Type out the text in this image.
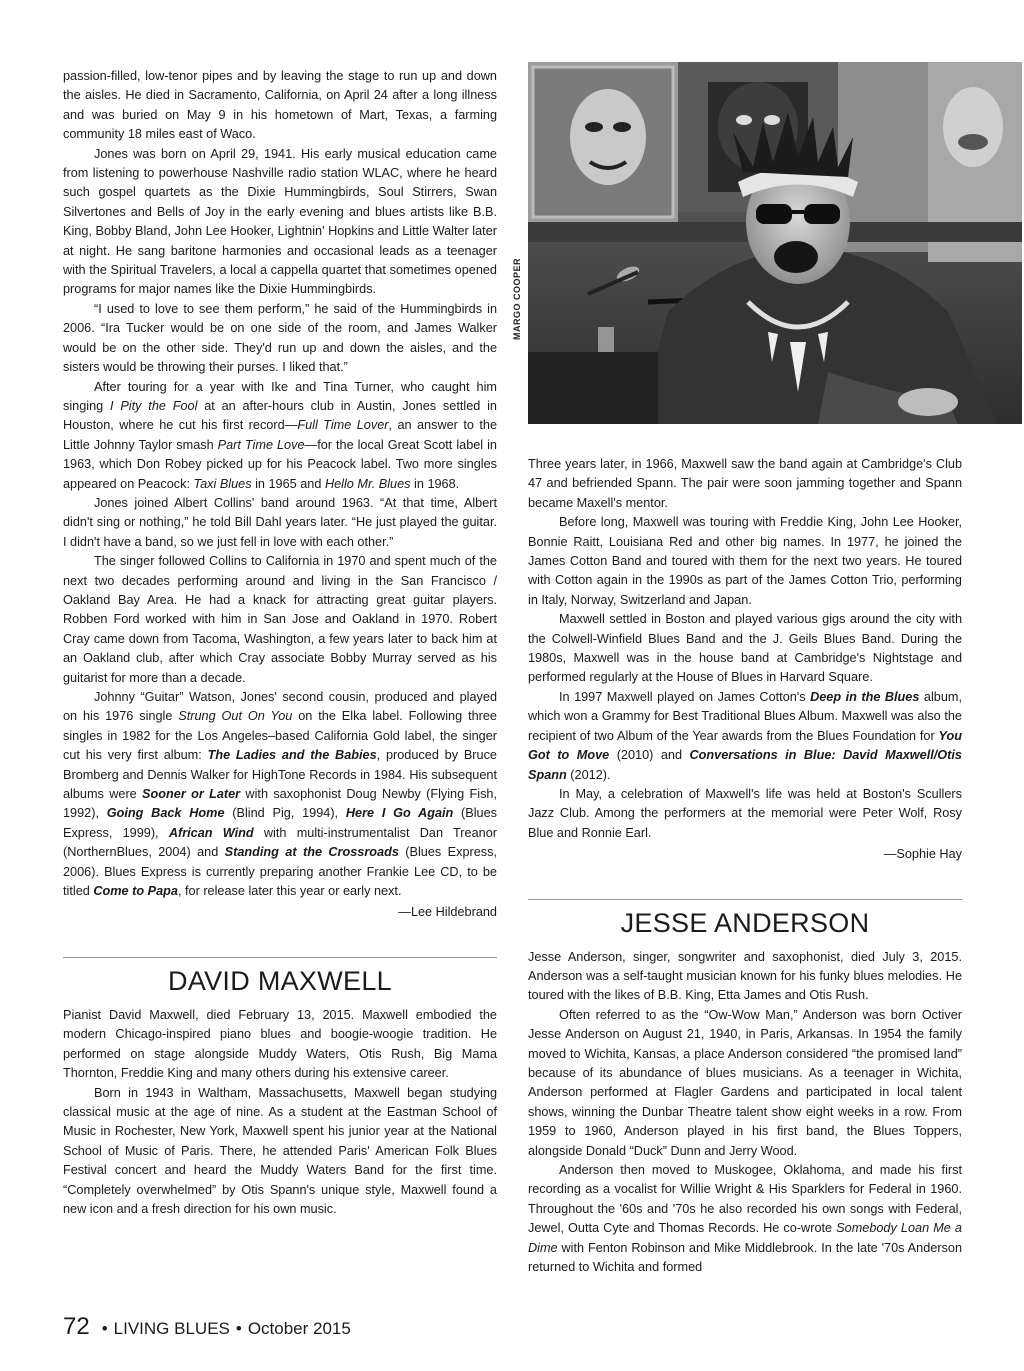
passion-filled, low-tenor pipes and by leaving the stage to run up and down the aisles. He died in Sacramento, California, on April 24 after a long illness and was buried on May 9 in his hometown of Mart, Texas, a farming community 18 miles east of Waco.

Jones was born on April 29, 1941. His early musical education came from listening to powerhouse Nashville radio station WLAC, where he heard such gospel quartets as the Dixie Hummingbirds, Soul Stirrers, Swan Silvertones and Bells of Joy in the early evening and blues artists like B.B. King, Bobby Bland, John Lee Hooker, Lightnin' Hopkins and Little Walter later at night. He sang baritone harmonies and occasional leads as a teenager with the Spiritual Travelers, a local a cappella quartet that sometimes opened programs for major names like the Dixie Hummingbirds.

“I used to love to see them perform,” he said of the Hummingbirds in 2006. “Ira Tucker would be on one side of the room, and James Walker would be on the other side. They'd run up and down the aisles, and the sisters would be throwing their purses. I liked that.”

After touring for a year with Ike and Tina Turner, who caught him singing I Pity the Fool at an after-hours club in Austin, Jones settled in Houston, where he cut his first record—Full Time Lover, an answer to the Little Johnny Taylor smash Part Time Love—for the local Great Scott label in 1963, which Don Robey picked up for his Peacock label. Two more singles appeared on Peacock: Taxi Blues in 1965 and Hello Mr. Blues in 1968.

Jones joined Albert Collins' band around 1963. “At that time, Albert didn't sing or nothing,” he told Bill Dahl years later. “He just played the guitar. I didn't have a band, so we just fell in love with each other.”

The singer followed Collins to California in 1970 and spent much of the next two decades performing around and living in the San Francisco / Oakland Bay Area. He had a knack for attracting great guitar players. Robben Ford worked with him in San Jose and Oakland in 1970. Robert Cray came down from Tacoma, Washington, a few years later to back him at an Oakland club, after which Cray associate Bobby Murray served as his guitarist for more than a decade.

Johnny “Guitar” Watson, Jones' second cousin, produced and played on his 1976 single Strung Out On You on the Elka label. Following three singles in 1982 for the Los Angeles–based California Gold label, the singer cut his very first album: The Ladies and the Babies, produced by Bruce Bromberg and Dennis Walker for HighTone Records in 1984. His subsequent albums were Sooner or Later with saxophonist Doug Newby (Flying Fish, 1992), Going Back Home (Blind Pig, 1994), Here I Go Again (Blues Express, 1999), African Wind with multi-instrumentalist Dan Treanor (NorthernBlues, 2004) and Standing at the Crossroads (Blues Express, 2006). Blues Express is currently preparing another Frankie Lee CD, to be titled Come to Papa, for release later this year or early next.

—Lee Hildebrand

DAVID MAXWELL

Pianist David Maxwell, died February 13, 2015. Maxwell embodied the modern Chicago-inspired piano blues and boogie-woogie tradition. He performed on stage alongside Muddy Waters, Otis Rush, Big Mama Thornton, Freddie King and many others during his extensive career.

Born in 1943 in Waltham, Massachusetts, Maxwell began studying classical music at the age of nine. As a student at the Eastman School of Music in Rochester, New York, Maxwell spent his junior year at the National School of Music of Paris. There, he attended Paris' American Folk Blues Festival concert and heard the Muddy Waters Band for the first time. “Completely overwhelmed” by Otis Spann's unique style, Maxwell found a new icon and a fresh direction for his own music.

MARGO COOPER

Three years later, in 1966, Maxwell saw the band again at Cambridge's Club 47 and befriended Spann. The pair were soon jamming together and Spann became Maxell's mentor.

Before long, Maxwell was touring with Freddie King, John Lee Hooker, Bonnie Raitt, Louisiana Red and other big names. In 1977, he joined the James Cotton Band and toured with them for the next two years. He toured with Cotton again in the 1990s as part of the James Cotton Trio, performing in Italy, Norway, Switzerland and Japan.

Maxwell settled in Boston and played various gigs around the city with the Colwell-Winfield Blues Band and the J. Geils Blues Band. During the 1980s, Maxwell was in the house band at Cambridge's Nightstage and performed regularly at the House of Blues in Harvard Square.

In 1997 Maxwell played on James Cotton's Deep in the Blues album, which won a Grammy for Best Traditional Blues Album. Maxwell was also the recipient of two Album of the Year awards from the Blues Foundation for You Got to Move (2010) and Conversations in Blue: David Maxwell/Otis Spann (2012).

In May, a celebration of Maxwell's life was held at Boston's Scullers Jazz Club. Among the performers at the memorial were Peter Wolf, Rosy Blue and Ronnie Earl.

—Sophie Hay

JESSE ANDERSON

Jesse Anderson, singer, songwriter and saxophonist, died July 3, 2015. Anderson was a self-taught musician known for his funky blues melodies. He toured with the likes of B.B. King, Etta James and Otis Rush.

Often referred to as the “Ow-Wow Man,” Anderson was born Octiver Jesse Anderson on August 21, 1940, in Paris, Arkansas. In 1954 the family moved to Wichita, Kansas, a place Anderson considered “the promised land” because of its abundance of blues musicians. As a teenager in Wichita, Anderson performed at Flagler Gardens and participated in local talent shows, winning the Dunbar Theatre talent show eight weeks in a row. From 1959 to 1960, Anderson played in his first band, the Blues Toppers, alongside Donald “Duck” Dunn and Jerry Wood.

Anderson then moved to Muskogee, Oklahoma, and made his first recording as a vocalist for Willie Wright & His Sparklers for Federal in 1960. Throughout the '60s and '70s he also recorded his own songs with Federal, Jewel, Outta Cyte and Thomas Records. He co-wrote Somebody Loan Me a Dime with Fenton Robinson and Mike Middlebrook. In the late '70s Anderson returned to Wichita and formed

72 • LIVING BLUES • October 2015
